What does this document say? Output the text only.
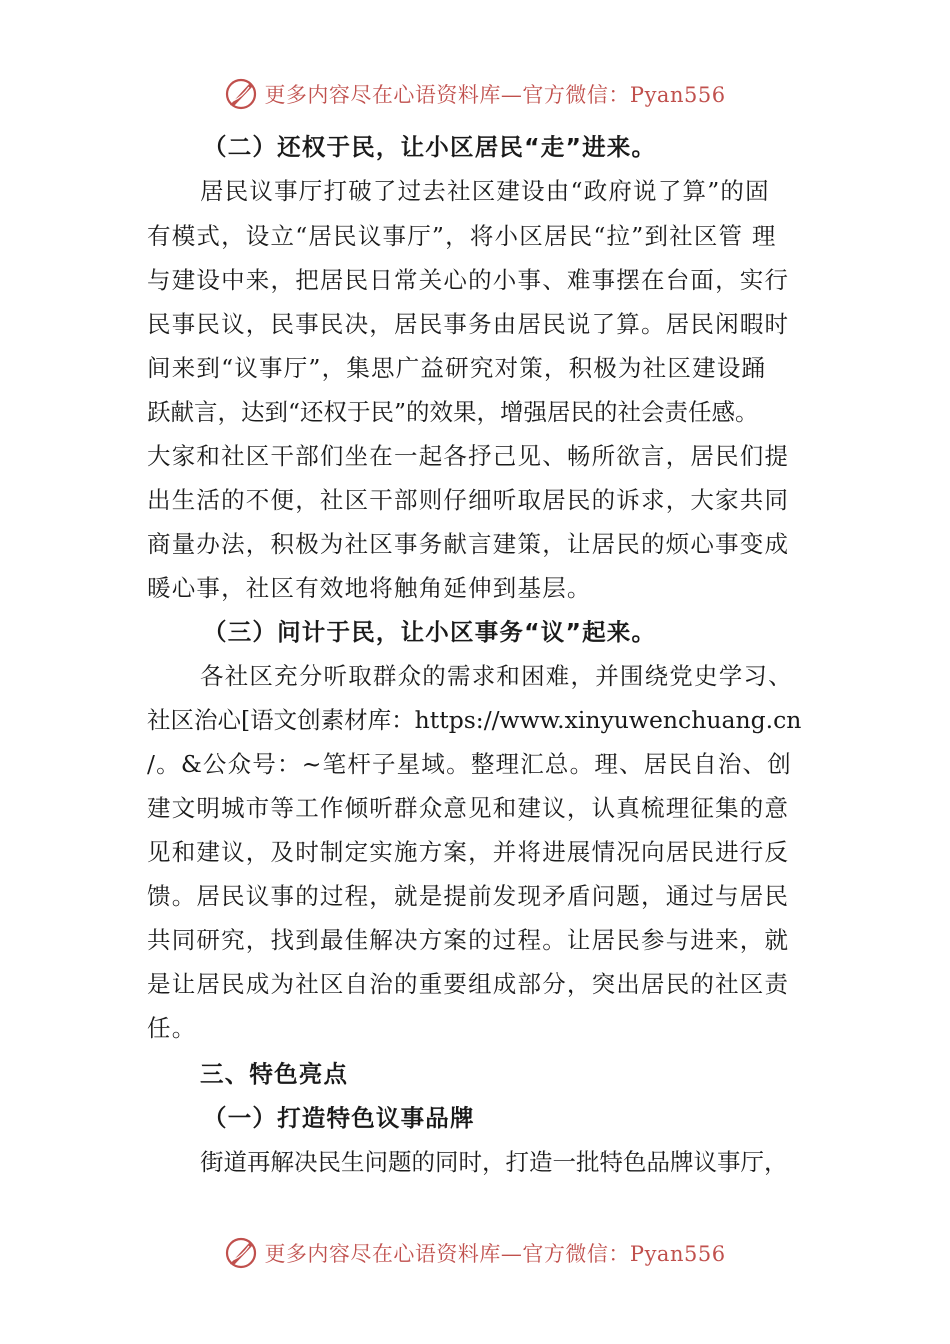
更多内容尽在心语资料库—官方微信：Pyan556
（二）还权于民，让小区居民“走”进来。
居民议事厅打破了过去社区建设由“政府说了算”的固
有模式，设立“居民议事厅”，将小区居民“拉”到社区管 理
与建设中来，把居民日常关心的小事、难事摆在台面，实行
民事民议，民事民决，居民事务由居民说了算。居民闲暇时
间来到“议事厅”，集思广益研究对策，积极为社区建设踊
跃献言，达到“还权于民”的效果，增强居民的社会责任感。
大家和社区干部们坐在一起各抒己见、畅所欲言，居民们提
出生活的不便，社区干部则仔细听取居民的诉求，大家共同
商量办法，积极为社区事务献言建策，让居民的烦心事变成
暖心事，社区有效地将触角延伸到基层。
（三）问计于民，让小区事务“议”起来。
各社区充分听取群众的需求和困难，并围绕党史学习、
社区治心[语文创素材库：https://www.xinyuwenchuang.cn
/。&公众号：~笔杆子星域。整理汇总。理、居民自治、创
建文明城市等工作倾听群众意见和建议，认真梳理征集的意
见和建议，及时制定实施方案，并将进展情况向居民进行反
馈。居民议事的过程，就是提前发现矛盾问题，通过与居民
共同研究，找到最佳解决方案的过程。让居民参与进来，就
是让居民成为社区自治的重要组成部分，突出居民的社区责
任。
三、特色亮点
（一）打造特色议事品牌
街道再解决民生问题的同时，打造一批特色品牌议事厅，
更多内容尽在心语资料库—官方微信：Pyan556
